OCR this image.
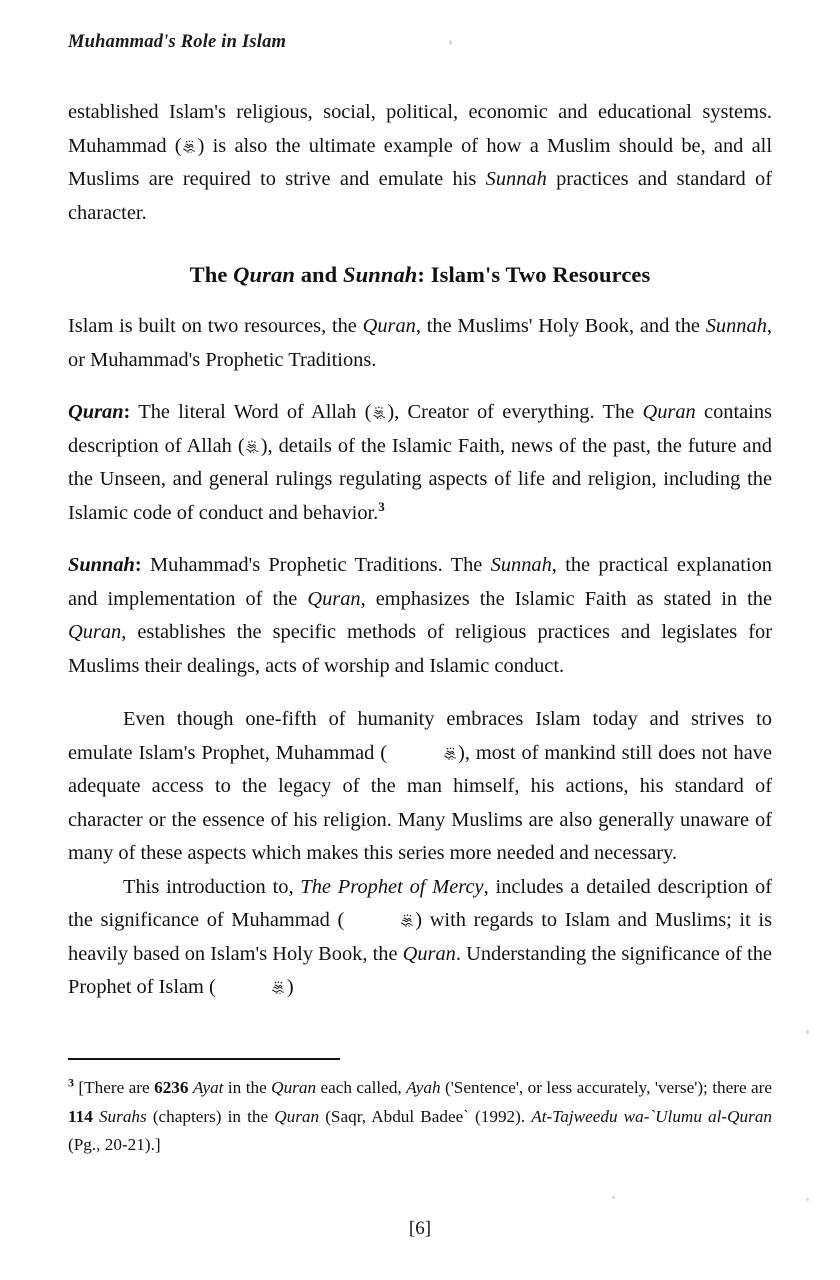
Muhammad's Role in Islam

established Islam's religious, social, political, economic and educational systems. Muhammad ( ) is also the ultimate example of how a Muslim should be, and all Muslims are required to strive and emulate his Sunnah practices and standard of character.

The Quran and Sunnah: Islam's Two Resources

Islam is built on two resources, the Quran, the Muslims' Holy Book, and the Sunnah, or Muhammad's Prophetic Traditions.

Quran: The literal Word of Allah ( ), Creator of everything. The Quran contains description of Allah ( ), details of the Islamic Faith, news of the past, the future and the Unseen, and general rulings regulating aspects of life and religion, including the Islamic code of conduct and behavior.$^3$

Sunnah: Muhammad's Prophetic Traditions. The Sunnah, the practical explanation and implementation of the Quran, emphasizes the Islamic Faith as stated in the Quran, establishes the specific methods of religious practices and legislates for Muslims their dealings, acts of worship and Islamic conduct.

Even though one-fifth of humanity embraces Islam today and strives to emulate Islam's Prophet, Muhammad (	), most of mankind still does not have adequate access to the legacy of the man himself, his actions, his standard of character or the essence of his religion. Many Muslims are also generally unaware of many of these aspects which makes this series more needed and necessary.

This introduction to, The Prophet of Mercy, includes a detailed description of the significance of Muhammad (	) with regards to Islam and Muslims; it is heavily based on Islam's Holy Book, the Quran. Understanding the significance of the Prophet of Islam (	)

$^3$ [There are 6236 Ayat in the Quran each called, Ayah ('Sentence', or less accurately, 'verse'); there are 114 Surahs (chapters) in the Quran (Saqr, Abdul Badee` (1992). At-Tajweedu wa-`Ulumu al-Quran (Pg., 20-21).]

[6]
